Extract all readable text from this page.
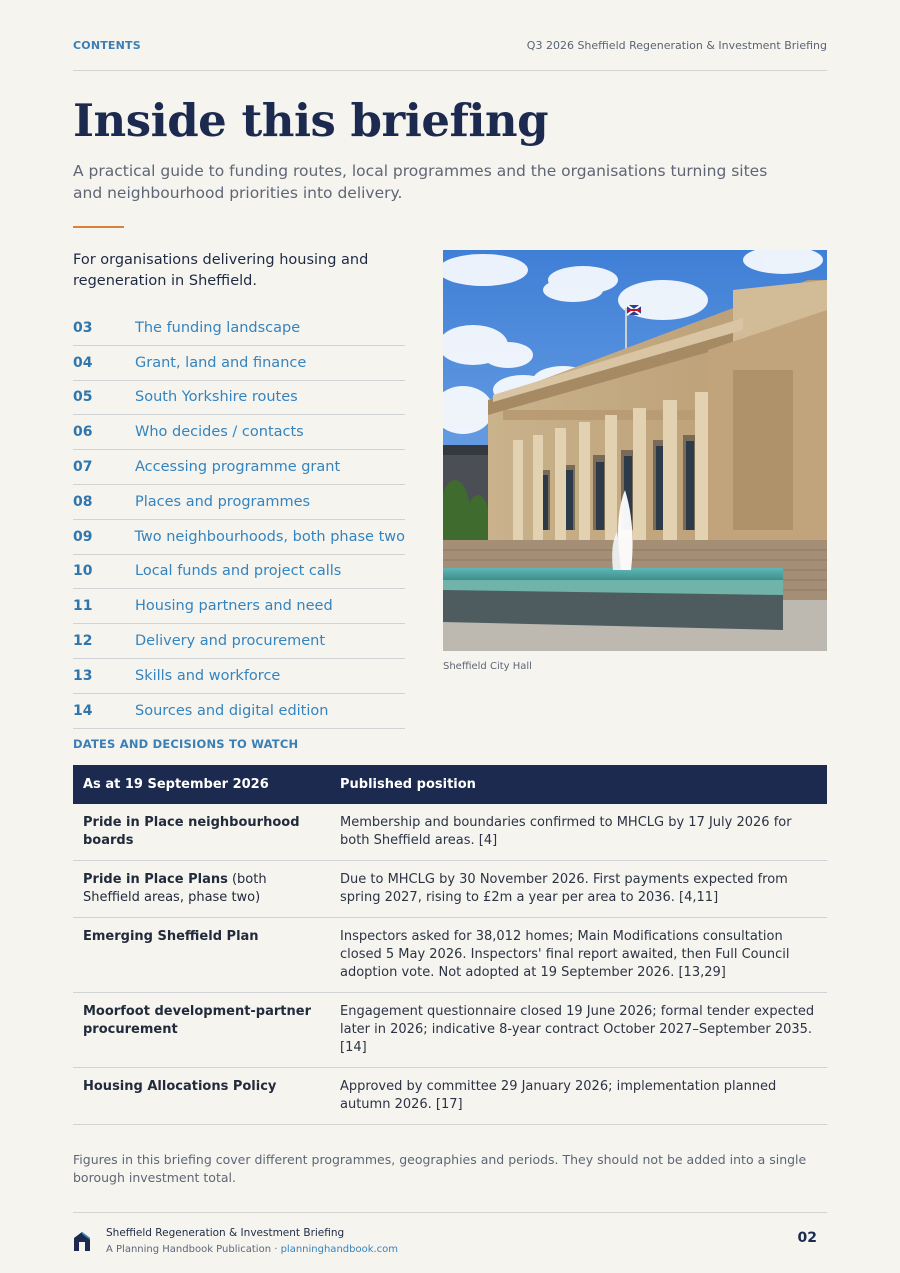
CONTENTS	Q3 2026 Sheffield Regeneration & Investment Briefing
Inside this briefing

A practical guide to funding routes, local programmes and the organisations turning sites and neighbourhood priorities into delivery.

For organisations delivering housing and regeneration in Sheffield.

03	The funding landscape
04	Grant, land and finance
05	South Yorkshire routes
06	Who decides / contacts
07	Accessing programme grant
08	Places and programmes
09	Two neighbourhoods, both phase two
10	Local funds and project calls
11	Housing partners and need
12	Delivery and procurement
13	Skills and workforce
14	Sources and digital edition
Sheffield City Hall
DATES AND DECISIONS TO WATCH
As at 19 September 2026	Published position
Pride in Place neighbourhood boards	Membership and boundaries confirmed to MHCLG by 17 July 2026 for both Sheffield areas. [4]
Pride in Place Plans (both Sheffield areas, phase two)	Due to MHCLG by 30 November 2026. First payments expected from spring 2027, rising to £2m a year per area to 2036. [4,11]
Emerging Sheffield Plan	Inspectors asked for 38,012 homes; Main Modifications consultation closed 5 May 2026. Inspectors' final report awaited, then Full Council adoption vote. Not adopted at 19 September 2026. [13,29]
Moorfoot development-partner procurement	Engagement questionnaire closed 19 June 2026; formal tender expected later in 2026; indicative 8-year contract October 2027–September 2035. [14]
Housing Allocations Policy	Approved by committee 29 January 2026; implementation planned autumn 2026. [17]

Figures in this briefing cover different programmes, geographies and periods. They should not be added into a single borough investment total.

Sheffield Regeneration & Investment Briefing
A Planning Handbook Publication · planninghandbook.com
02
